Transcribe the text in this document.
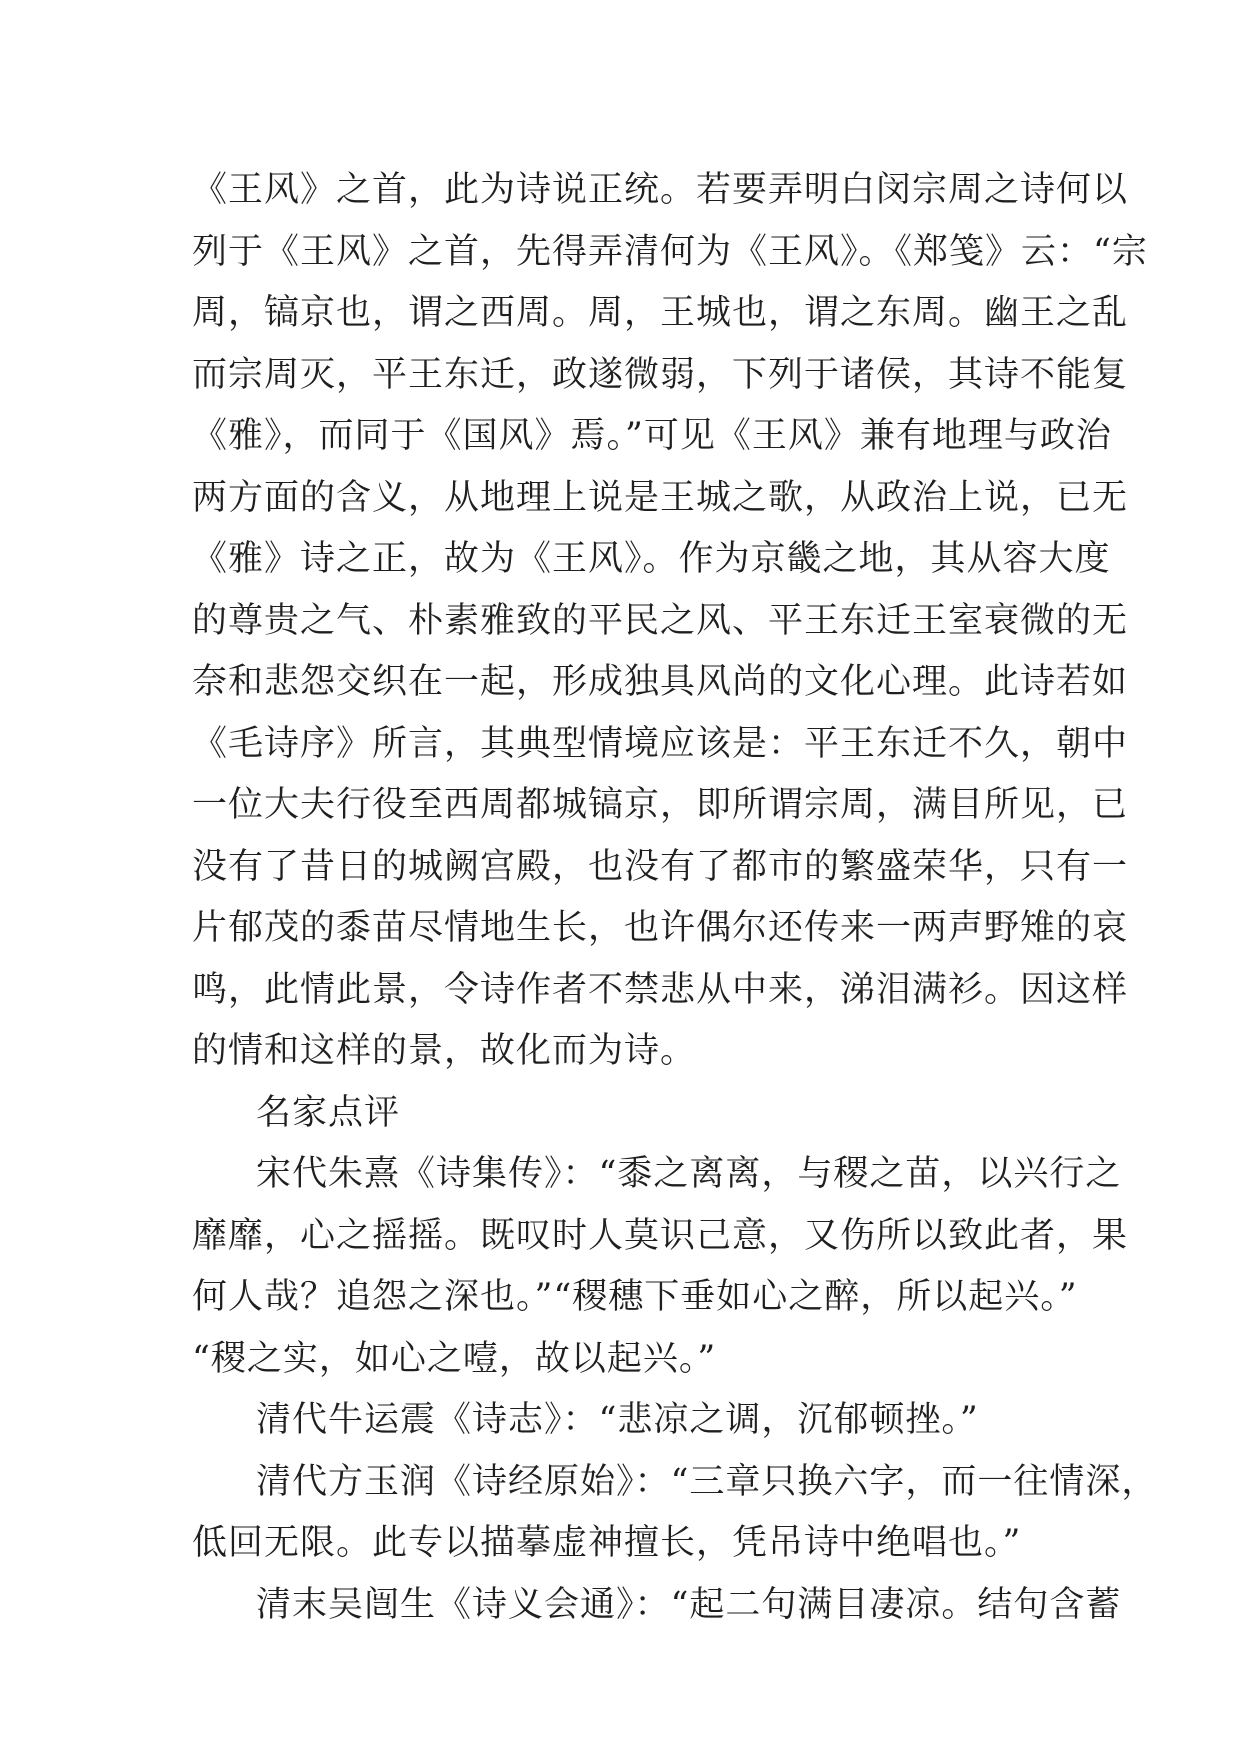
《王风》之首，此为诗说正统。若要弄明白闵宗周之诗何以
列于《王风》之首，先得弄清何为《王风》。《郑笺》云：“宗
周，镐京也，谓之西周。周，王城也，谓之东周。幽王之乱
而宗周灭，平王东迁，政遂微弱，下列于诸侯，其诗不能复
《雅》，而同于《国风》焉。”可见《王风》兼有地理与政治
两方面的含义，从地理上说是王城之歌，从政治上说，已无
《雅》诗之正，故为《王风》。作为京畿之地，其从容大度
的尊贵之气、朴素雅致的平民之风、平王东迁王室衰微的无
奈和悲怨交织在一起，形成独具风尚的文化心理。此诗若如
《毛诗序》所言，其典型情境应该是：平王东迁不久，朝中
一位大夫行役至西周都城镐京，即所谓宗周，满目所见，已
没有了昔日的城阙宫殿，也没有了都市的繁盛荣华，只有一
片郁茂的黍苗尽情地生长，也许偶尔还传来一两声野雉的哀
鸣，此情此景，令诗作者不禁悲从中来，涕泪满衫。因这样
的情和这样的景，故化而为诗。
名家点评
宋代朱熹《诗集传》：“黍之离离，与稷之苗，以兴行之
靡靡，心之摇摇。既叹时人莫识己意，又伤所以致此者，果
何人哉？追怨之深也。”“稷穗下垂如心之醉，所以起兴。”
“稷之实，如心之噎，故以起兴。”
清代牛运震《诗志》：“悲凉之调，沉郁顿挫。”
清代方玉润《诗经原始》：“三章只换六字，而一往情深，
低回无限。此专以描摹虚神擅长，凭吊诗中绝唱也。”
清末吴闿生《诗义会通》：“起二句满目凄凉。结句含蓄
